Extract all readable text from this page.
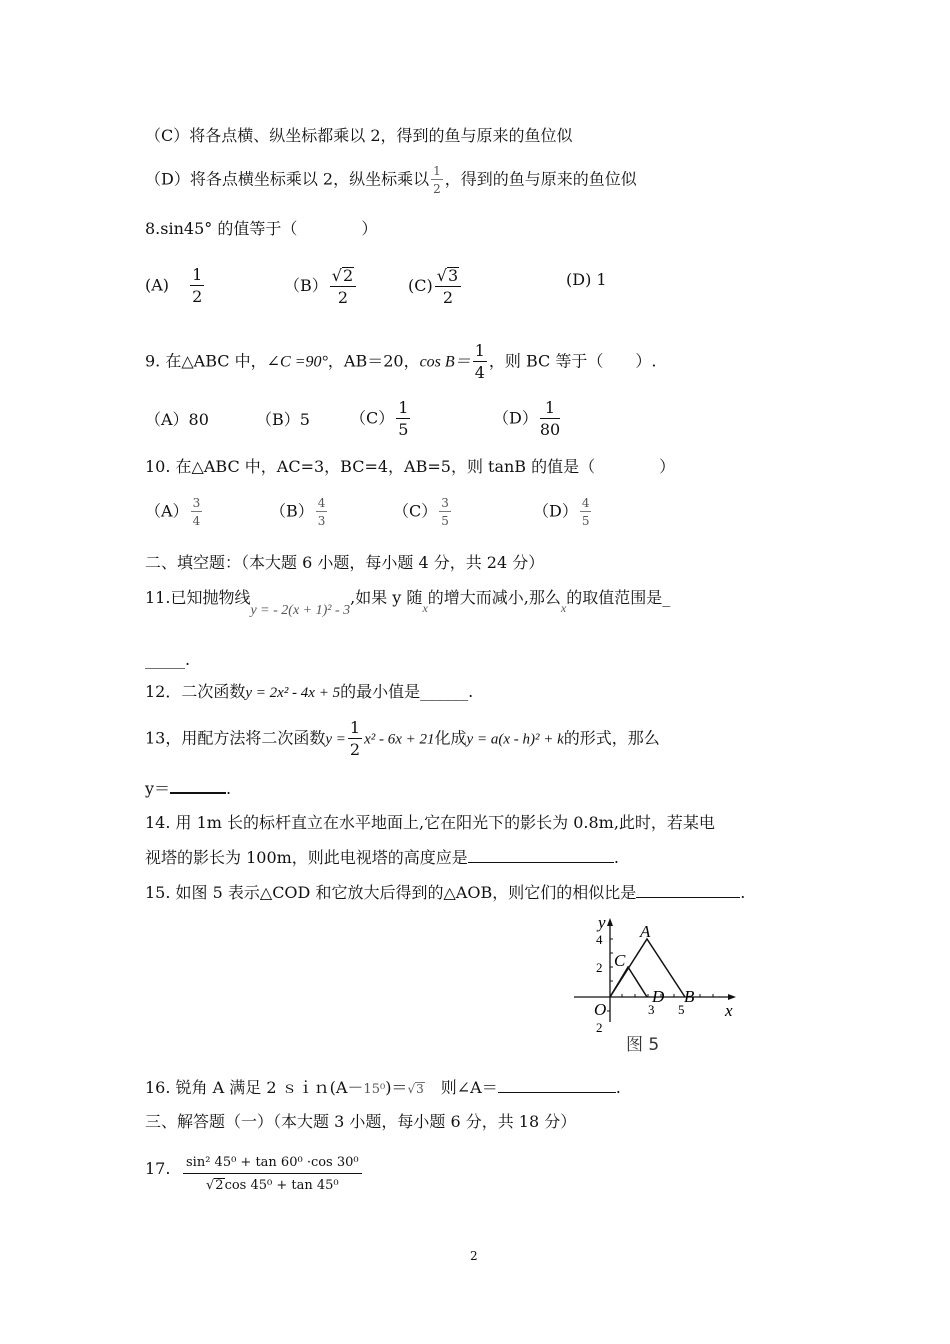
（C）将各点横、纵坐标都乘以 2，得到的鱼与原来的鱼位似
（D）将各点横坐标乘以 2，纵坐标乘以 $\frac{1}{2}$ ，得到的鱼与原来的鱼位似
8.sin45° 的值等于（　　　　）
$(A) \frac{1}{2}$	$(B) \frac{√2}{2}$	$(C) \frac{√3}{2}$	(D) 1
9. 在△ABC 中，∠C =90°，AB＝20，$\cos B= \frac{1}{4}$ ，则 BC 等于（　　）.
（A）80	（B）5	$(C) \frac{1}{5}$	$(D) \frac{1}{80}$
10. 在△ABC 中，AC=3，BC=4，AB=5，则 tanB 的值是（　　　　）
$(A) \frac{3}{4}$	$(B) \frac{4}{3}$	$(C) \frac{3}{5}$	$(D) \frac{4}{5}$
二、填空题：（本大题 6 小题，每小题 4 分，共 24 分）
11.已知抛物线y = - 2(x + 1)² - 3,如果 y 随$_x$的增大而减小,那么$_x$的取值范围是_
_____.
12．二次函数y = 2x² - 4x + 5的最小值是______.
13，用配方法将二次函数$y = \frac{1}{2} x^2 - 6x + 21$化成y = a(x - h)² + k的形式，那么
y＝	.
14. 用 1m 长的标杆直立在水平地面上,它在阳光下的影长为 0.8m,此时，若某电
视塔的影长为 100m，则此电视塔的高度应是	.
15. 如图 5 表示△COD 和它放大后得到的△AOB，则它们的相似比是	.
y
x
O
A
B
C
D
4
2
2
3 5
图 5
16. 锐角 A 满足 2 ｓｉｎ(A－15⁰)＝√3　则∠A＝	.
三、解答题（一）（本大题 3 小题，每小题 6 分，共 18 分）
17. $\frac{\text{sin² 45⁰ + tan 60⁰ ·cos 30⁰}}{\text{√2cos 45⁰ + tan 45⁰}}$
2
